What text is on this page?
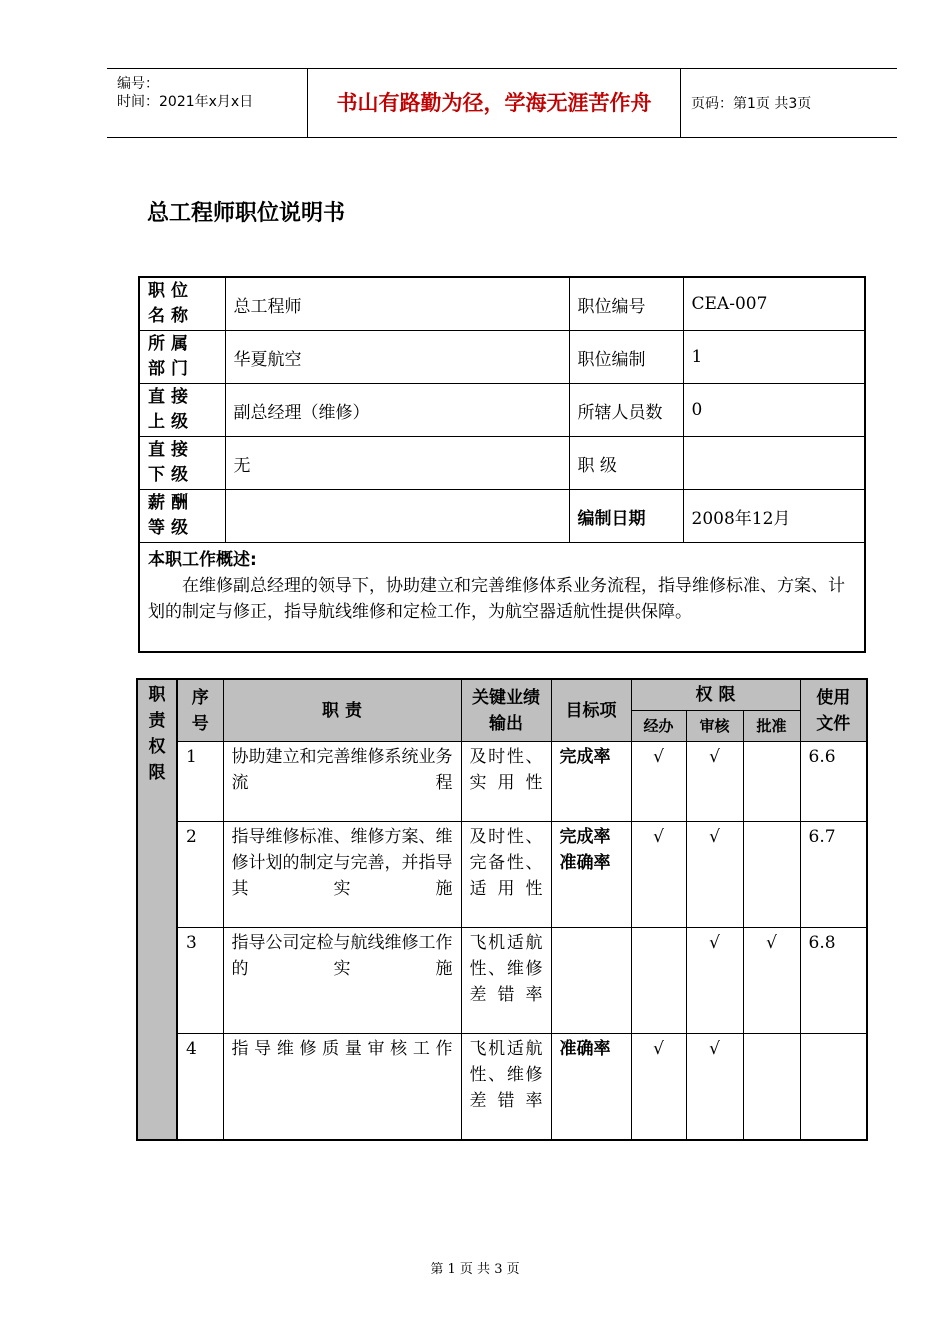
编号：
时间：2021年x月x日	书山有路勤为径，学海无涯苦作舟	页码：第1页 共3页
总工程师职位说明书
职位名称	总工程师	职位编号	CEA-007
所属部门	华夏航空	职位编制	1
直接上级	副总经理（维修）	所辖人员数	0
直接下级	无	职 级	
薪酬等级		编制日期	2008年12月

本职工作概述:
在维修副总经理的领导下，协助建立和完善维修体系业务流程，指导维修标准、方案、计划的制定与修正，指导航线维修和定检工作，为航空器适航性提供保障。			
职责权限	序号	职 责	关键业绩输出	目标项	权 限			使用文件
					经办	审核	批准	
	1	协助建立和完善维修系统业务流程	及时性、实用性	完成率	√	√		6.6
	2	指导维修标准、维修方案、维修计划的制定与完善，并指导其实施	及时性、完备性、适用性	完成率准确率	√	√		6.7
	3	指导公司定检与航线维修工作的实施	飞机适航性、维修差错率			√	√	6.8
	4	指导维修质量审核工作	飞机适航性、维修差错率	准确率	√	√		
第 1 页 共 3 页
